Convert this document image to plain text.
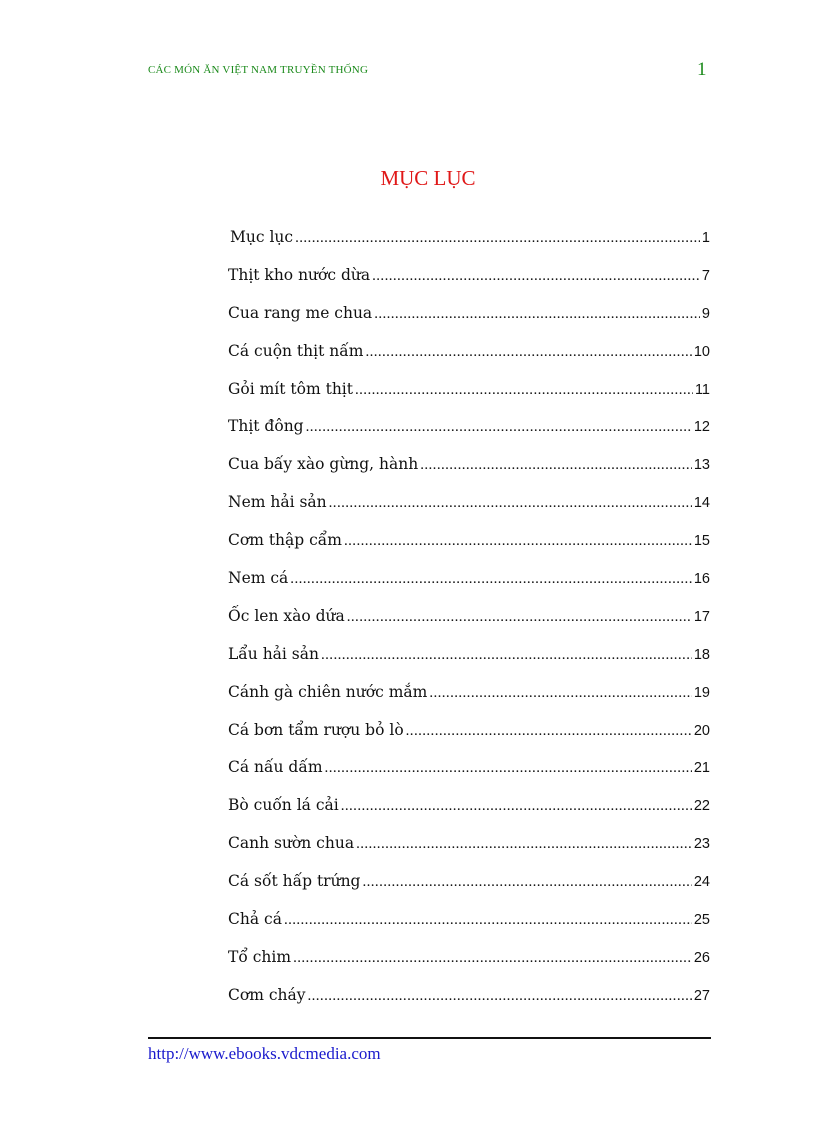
CÁC MÓN ĂN VIỆT NAM TRUYỀN THỐNG	1
MỤC LỤC
Mục lục .....	1
Thịt kho nước dừa .....	7
Cua rang me chua .....	9
Cá cuộn thịt nấm .....	10
Gỏi mít tôm thịt .....	11
Thịt đông .....	12
Cua bấy xào gừng, hành .....	13
Nem hải sản .....	14
Cơm thập cẩm .....	15
Nem cá .....	16
Ốc len xào dứa .....	17
Lẩu hải sản .....	18
Cánh gà chiên nước mắm .....	19
Cá bơn tẩm rượu bỏ lò .....	20
Cá nấu dấm .....	21
Bò cuốn lá cải .....	22
Canh sườn chua .....	23
Cá sốt hấp trứng .....	24
Chả cá .....	25
Tổ chim .....	26
Cơm cháy .....	27
http://www.ebooks.vdcmedia.com
